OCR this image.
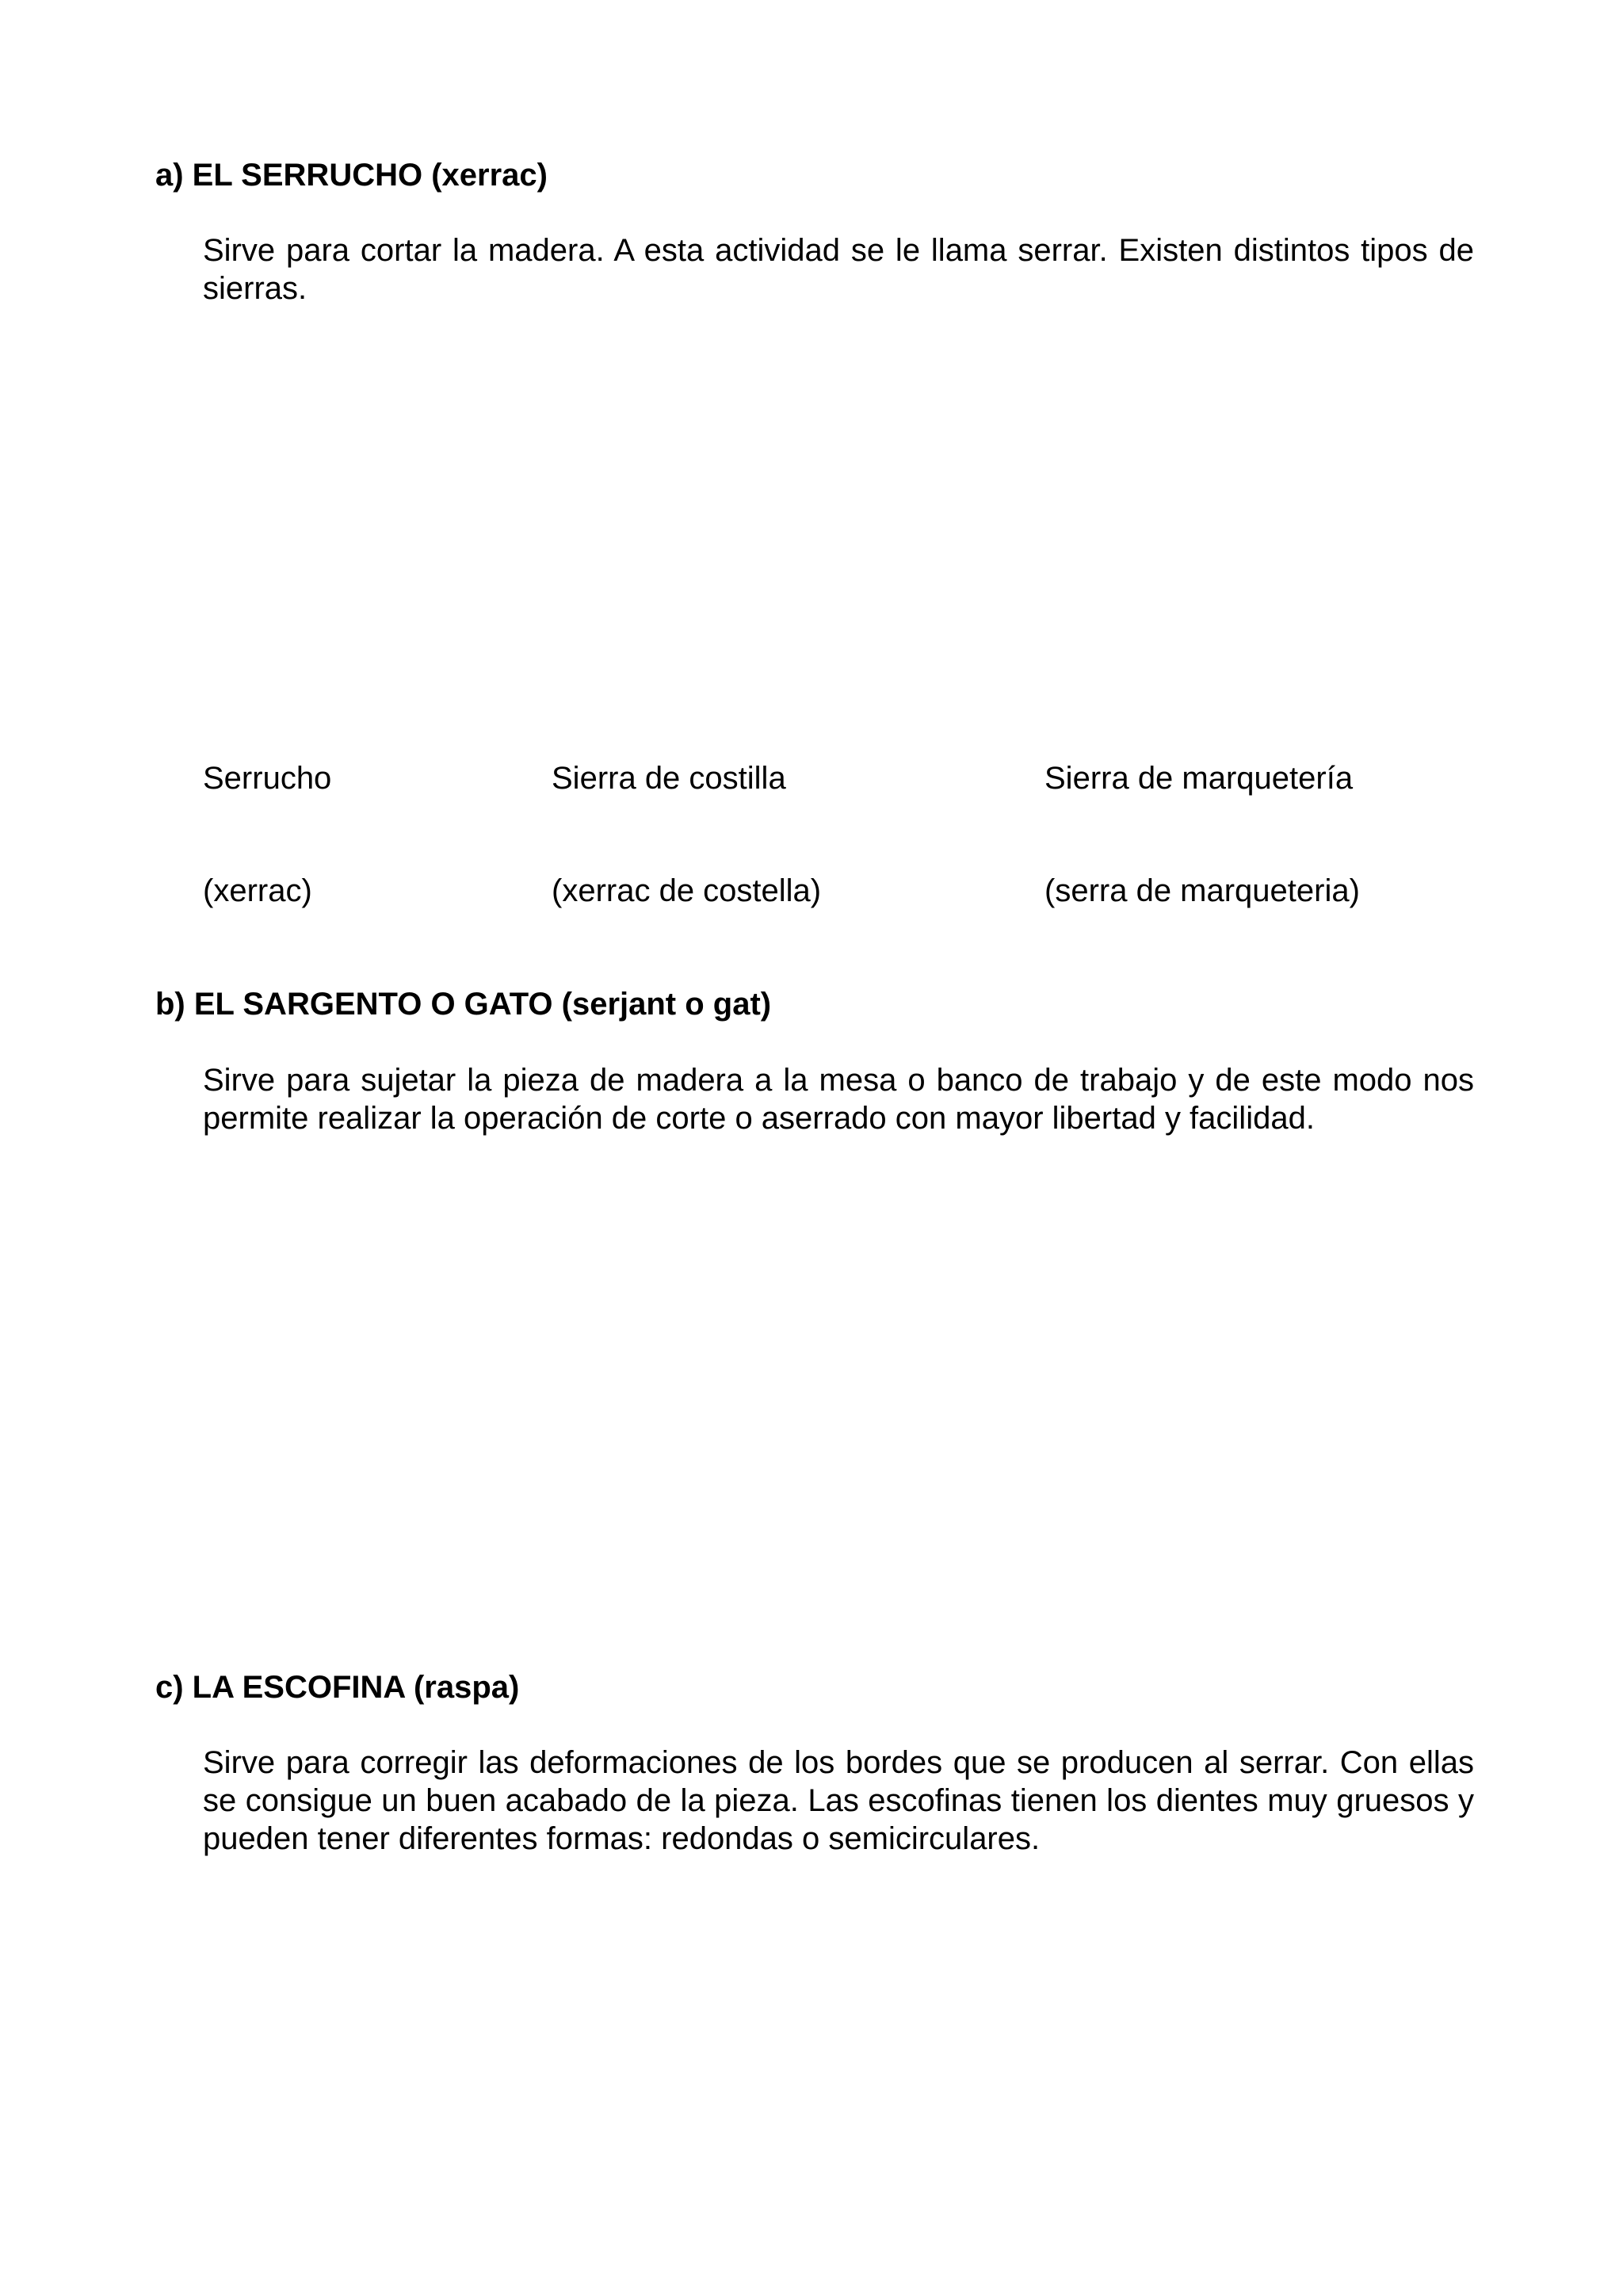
a) EL SERRUCHO (xerrac)
Sirve para cortar la madera. A esta actividad se le llama serrar. Existen distintos tipos de sierras.
Serrucho	Sierra de costilla	Sierra de marquetería
(xerrac)	(xerrac de costella)	(serra de marqueteria)
b) EL SARGENTO O GATO (serjant o gat)
Sirve para sujetar la pieza de madera a la mesa o banco de trabajo y de este modo nos permite realizar la operación de corte o aserrado con mayor libertad y facilidad.
c) LA ESCOFINA (raspa)
Sirve para corregir las deformaciones de los bordes que se producen al serrar. Con ellas se consigue un buen acabado de la pieza. Las escofinas tienen los dientes muy gruesos y pueden tener diferentes formas: redondas o semicirculares.
